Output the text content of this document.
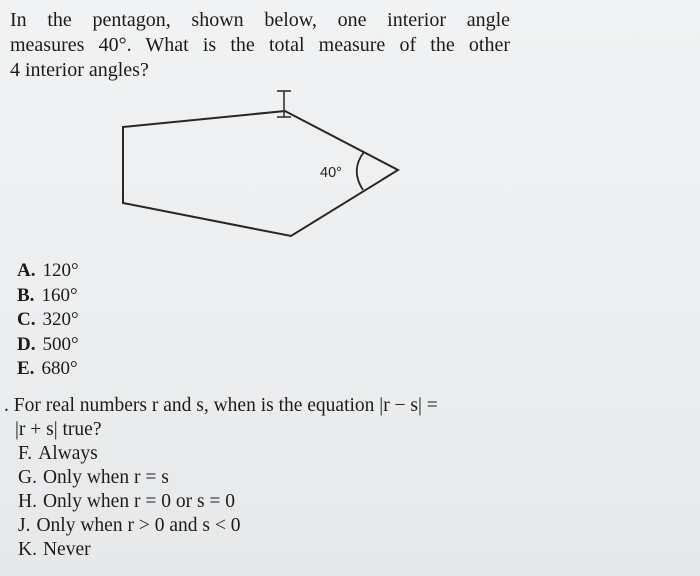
In the pentagon, shown below, one interior angle
measures 40°. What is the total measure of the other
4 interior angles?
40°
A. 120°
B. 160°
C. 320°
D. 500°
E. 680°
. For real numbers r and s, when is the equation |r − s| =
|r + s| true?
F. Always
G. Only when r = s
H. Only when r = 0 or s = 0
J. Only when r > 0 and s < 0
K. Never
